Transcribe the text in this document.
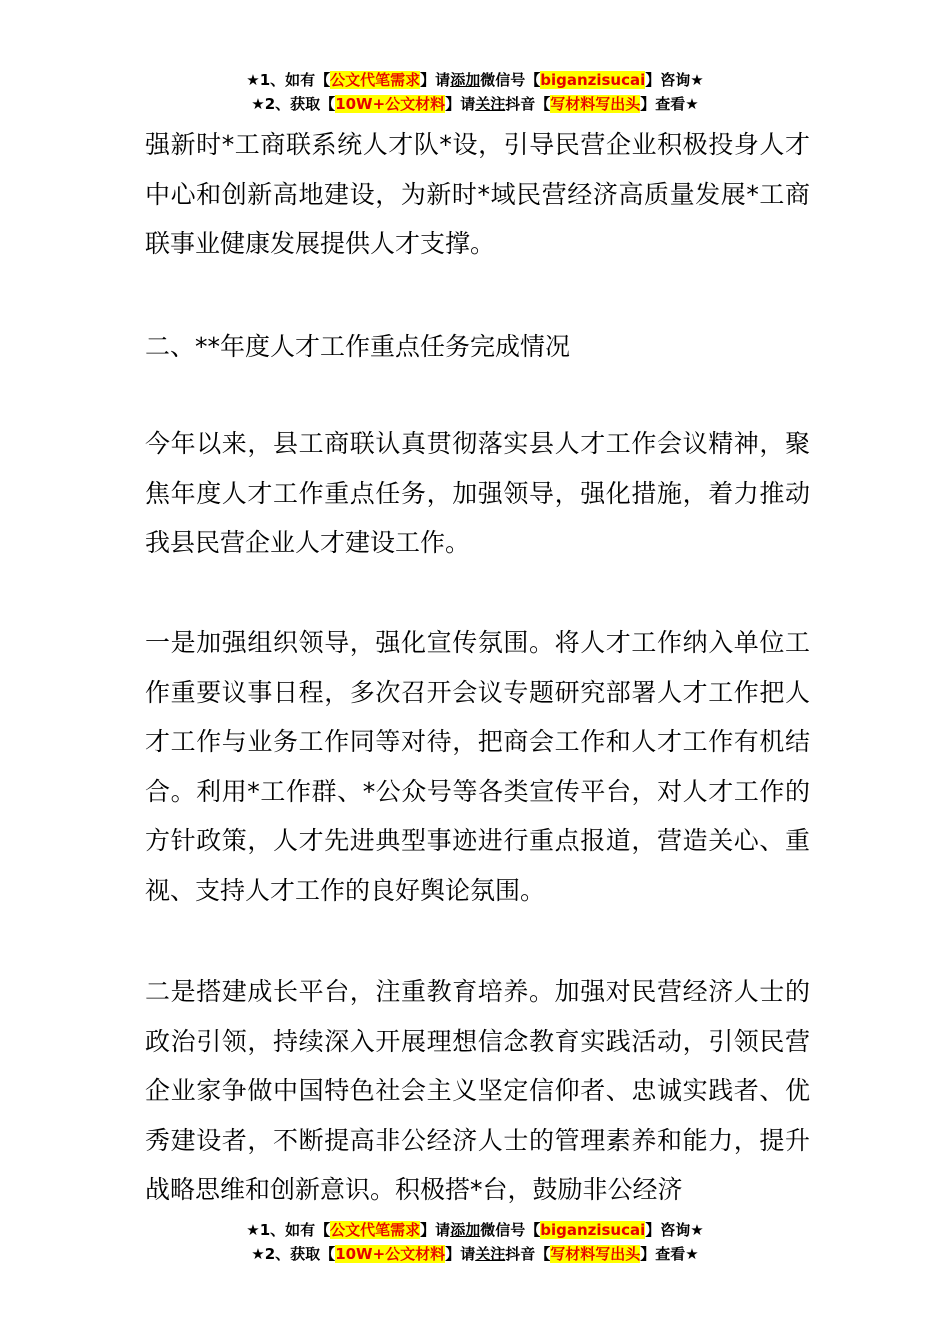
★1、如有【公文代笔需求】请添加微信号【biganzisucai】咨询★
★2、获取【10W+公文材料】请关注抖音【写材料写出头】查看★
强新时*工商联系统人才队*设，引导民营企业积极投身人才中心和创新高地建设，为新时*域民营经济高质量发展*工商联事业健康发展提供人才支撑。
二、**年度人才工作重点任务完成情况
今年以来，县工商联认真贯彻落实县人才工作会议精神，聚焦年度人才工作重点任务，加强领导，强化措施，着力推动我县民营企业人才建设工作。
一是加强组织领导，强化宣传氛围。将人才工作纳入单位工作重要议事日程，多次召开会议专题研究部署人才工作把人才工作与业务工作同等对待，把商会工作和人才工作有机结合。利用*工作群、*公众号等各类宣传平台，对人才工作的方针政策，人才先进典型事迹进行重点报道，营造关心、重视、支持人才工作的良好舆论氛围。
二是搭建成长平台，注重教育培养。加强对民营经济人士的政治引领，持续深入开展理想信念教育实践活动，引领民营企业家争做中国特色社会主义坚定信仰者、忠诚实践者、优秀建设者，不断提高非公经济人士的管理素养和能力，提升战略思维和创新意识。积极搭*台，鼓励非公经济
★1、如有【公文代笔需求】请添加微信号【biganzisucai】咨询★
★2、获取【10W+公文材料】请关注抖音【写材料写出头】查看★
